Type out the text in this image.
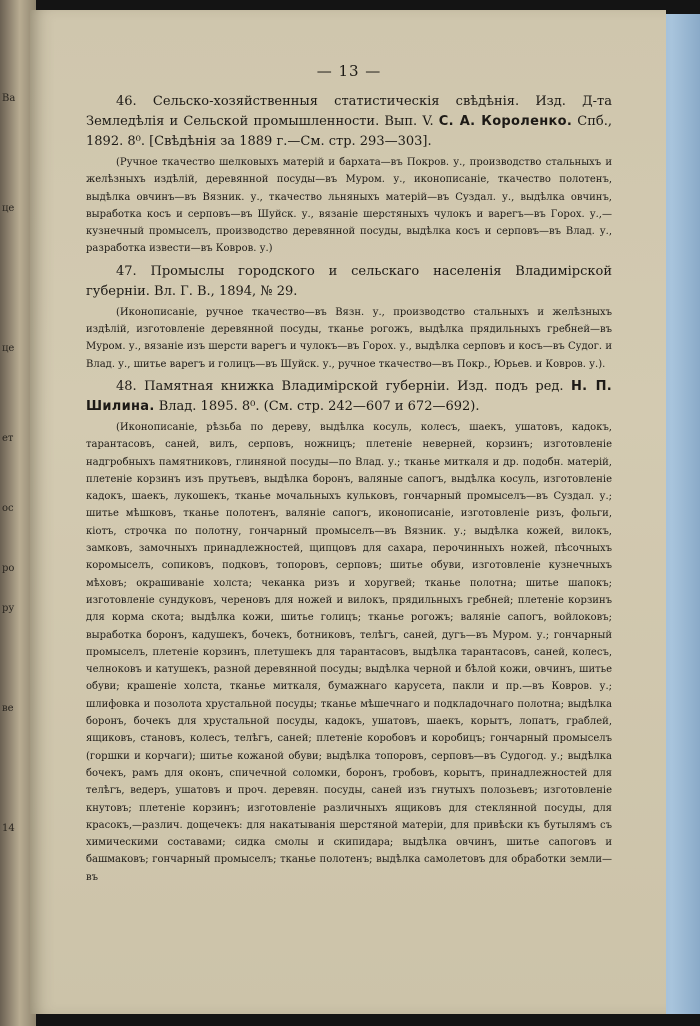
Ва
це
це
ет
ос
ро
ру
ве
14
— 13 —

46. Сельско-хозяйственныя статистическія свѣдѣнія. Изд. Д-та Земледѣлія и Сельской промышленности. Вып. V. С. А. Короленко. Спб., 1892. 8⁰. [Свѣдѣнія за 1889 г.—См. стр. 293—303].

(Ручное ткачество шелковыхъ матерій и бархата—въ Покров. у., производство стальныхъ и желѣзныхъ издѣлій, деревянной посуды—въ Муром. у., иконописаніе, ткачество полотенъ, выдѣлка овчинъ—въ Вязник. у., ткачество льняныхъ матерій—въ Суздал. у., выдѣлка овчинъ, выработка косъ и серповъ—въ Шуйск. у., вязаніе шерстяныхъ чулокъ и варегъ—въ Горох. у.,—кузнечный промыселъ, производство деревянной посуды, выдѣлка косъ и серповъ—въ Влад. у., разработка извести—въ Ковров. у.)

47. Промыслы городского и сельскаго населенія Владимірской губерніи. Вл. Г. В., 1894, № 29.

(Иконописаніе, ручное ткачество—въ Вязн. у., производство стальныхъ и желѣзныхъ издѣлій, изготовленіе деревянной посуды, тканье рогожъ, выдѣлка прядильныхъ гребней—въ Муром. у., вязаніе изъ шерсти варегъ и чулокъ—въ Горох. у., выдѣлка серповъ и косъ—въ Судог. и Влад. у., шитье варегъ и голицъ—въ Шуйск. у., ручное ткачество—въ Покр., Юрьев. и Ковров. у.).

48. Памятная книжка Владимірской губерніи. Изд. подъ ред. Н. П. Шилина. Влад. 1895. 8⁰. (См. стр. 242—607 и 672—692).

(Иконописаніе, рѣзьба по дереву, выдѣлка косуль, колесъ, шаекъ, ушатовъ, кадокъ, тарантасовъ, саней, вилъ, серповъ, ножницъ; плетеніе неверней, корзинъ; изготовленіе надгробныхъ памятниковъ, глиняной посуды—по Влад. у.; тканье миткаля и др. подобн. матерій, плетеніе корзинъ изъ прутьевъ, выдѣлка боронъ, валяные сапогъ, выдѣлка косуль, изготовленіе кадокъ, шаекъ, лукошекъ, тканье мочальныхъ кульковъ, гончарный промыселъ—въ Суздал. у.; шитье мѣшковъ, тканье полотенъ, валяніе сапогъ, иконописаніе, изготовленіе ризъ, фольги, кіотъ, строчка по полотну, гончарный промыселъ—въ Вязник. у.; выдѣлка кожей, вилокъ, замковъ, замочныхъ принадлежностей, щипцовъ для сахара, перочинныхъ ножей, пѣсочныхъ коромыселъ, сопиковъ, подковъ, топоровъ, серповъ; шитье обуви, изготовленіе кузнечныхъ мѣховъ; окрашиваніе холста; чеканка ризъ и хоругвей; тканье полотна; шитье шапокъ; изготовленіе сундуковъ, череновъ для ножей и вилокъ, прядильныхъ гребней; плетеніе корзинъ для корма скота; выдѣлка кожи, шитье голицъ; тканье рогожъ; валяніе сапогъ, войлоковъ; выработка боронъ, кадушекъ, бочекъ, ботниковъ, телѣгъ, саней, дугъ—въ Муром. у.; гончарный промыселъ, плетеніе корзинъ, плетушекъ для тарантасовъ, выдѣлка тарантасовъ, саней, колесъ, челноковъ и катушекъ, разной деревянной посуды; выдѣлка черной и бѣлой кожи, овчинъ, шитье обуви; крашеніе холста, тканье миткаля, бумажнаго карусета, пакли и пр.—въ Ковров. у.; шлифовка и позолота хрустальной посуды; тканье мѣшечнаго и подкладочнаго полотна; выдѣлка боронъ, бочекъ для хрустальной посуды, кадокъ, ушатовъ, шаекъ, корытъ, лопатъ, граблей, ящиковъ, становъ, колесъ, телѣгъ, саней; плетеніе коробовъ и коробицъ; гончарный промыселъ (горшки и корчаги); шитье кожаной обуви; выдѣлка топоровъ, серповъ—въ Судогод. у.; выдѣлка бочекъ, рамъ для оконъ, спичечной соломки, боронъ, гробовъ, корытъ, принадлежностей для телѣгъ, ведеръ, ушатовъ и проч. деревян. посуды, саней изъ гнутыхъ полозьевъ; изготовленіе кнутовъ; плетеніе корзинъ; изготовленіе различныхъ ящиковъ для стеклянной посуды, для красокъ,—различ. дощечекъ: для накатыванія шерстяной матеріи, для привѣски къ бутылямъ съ химическими составами; сидка смолы и скипидара; выдѣлка овчинъ, шитье сапоговъ и башмаковъ; гончарный промыселъ; тканье полотенъ; выдѣлка самолетовъ для обработки земли—въ
